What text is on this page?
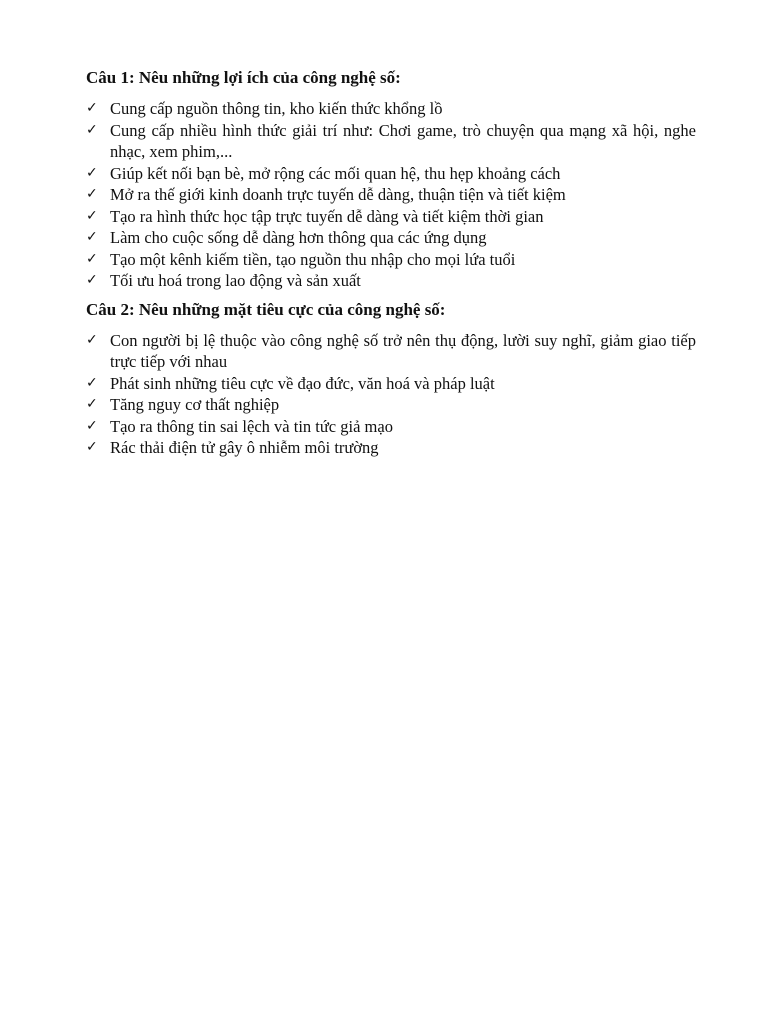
Câu 1: Nêu những lợi ích của công nghệ số:
✓ Cung cấp nguồn thông tin, kho kiến thức khổng lồ
✓ Cung cấp nhiều hình thức giải trí như: Chơi game, trò chuyện qua mạng xã hội, nghe nhạc, xem phim,...
✓ Giúp kết nối bạn bè, mở rộng các mối quan hệ, thu hẹp khoảng cách
✓ Mở ra thế giới kinh doanh trực tuyến dễ dàng, thuận tiện và tiết kiệm
✓ Tạo ra hình thức học tập trực tuyến dễ dàng và tiết kiệm thời gian
✓ Làm cho cuộc sống dễ dàng hơn thông qua các ứng dụng
✓ Tạo một kênh kiếm tiền, tạo nguồn thu nhập cho mọi lứa tuổi
✓ Tối ưu hoá trong lao động và sản xuất
Câu 2: Nêu những mặt tiêu cực của công nghệ số:
✓ Con người bị lệ thuộc vào công nghệ số trở nên thụ động, lười suy nghĩ, giảm giao tiếp trực tiếp với nhau
✓ Phát sinh những tiêu cực về đạo đức, văn hoá và pháp luật
✓ Tăng nguy cơ thất nghiệp
✓ Tạo ra thông tin sai lệch và tin tức giả mạo
✓ Rác thải điện tử gây ô nhiễm môi trường
